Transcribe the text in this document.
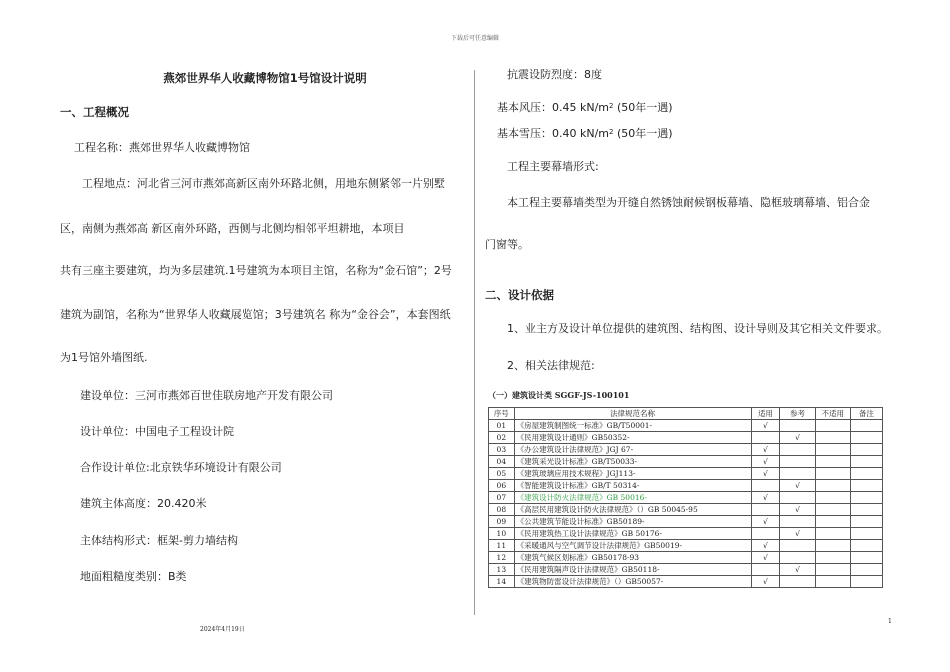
下载后可任意编辑
燕郊世界华人收藏博物馆1号馆设计说明
一、工程概况
工程名称：燕郊世界华人收藏博物馆
工程地点：河北省三河市燕郊高新区南外环路北侧，用地东侧紧邻一片别墅
区，南侧为燕郊高 新区南外环路，西侧与北侧均相邻平坦耕地，本项目
共有三座主要建筑，均为多层建筑.1号建筑为本项目主馆，名称为“金石馆”；2号
建筑为副馆，名称为“世界华人收藏展览馆；3号建筑名 称为“金谷会”，本套图纸
为1号馆外墙图纸.
建设单位：三河市燕郊百世佳联房地产开发有限公司
设计单位：中国电子工程设计院
合作设计单位:北京铁华环境设计有限公司
建筑主体高度：20.420米
主体结构形式：框架-剪力墙结构
地面粗糙度类别：B类
抗震设防烈度：8度
基本风压：0.45 $kN/m^2$ (50年一遇)
基本雪压：0.40 $kN/m^2$ (50年一遇)
工程主要幕墙形式:
本工程主要幕墙类型为开缝自然锈蚀耐候钢板幕墙、隐框玻璃幕墙、铝合金
门窗等。
二、设计依据
1、业主方及设计单位提供的建筑图、结构图、设计导则及其它相关文件要求。
2、相关法律规范:
（一）建筑设计类 SGGF-JS-100101
序号	法律规范名称	适用	参考	不适用	备注
01	《房屋建筑制图统一标准》GB/T50001-	√			
02	《民用建筑设计通则》GB50352-		√		
03	《办公建筑设计法律规范》JGJ 67-	√			
04	《建筑采光设计标准》GB/T50033-	√			
05	《建筑玻璃应用技术规程》JGJ113-	√			
06	《智能建筑设计标准》GB/T 50314-		√		
07	《建筑设计防火法律规范》GB 50016-	√			
08	《高层民用建筑设计防火法律规范》（）GB 50045-95		√		
09	《公共建筑节能设计标准》GB50189-	√			
10	《民用建筑热工设计法律规范》GB 50176-		√		
11	《采暖通风与空气调节设计法律规范》GB50019-	√			
12	《建筑气候区划标准》GB50178-93	√			
13	《民用建筑隔声设计法律规范》GB50118-		√		
14	《建筑物防雷设计法律规范》（）GB50057-	√			
2024年4月19日
1
